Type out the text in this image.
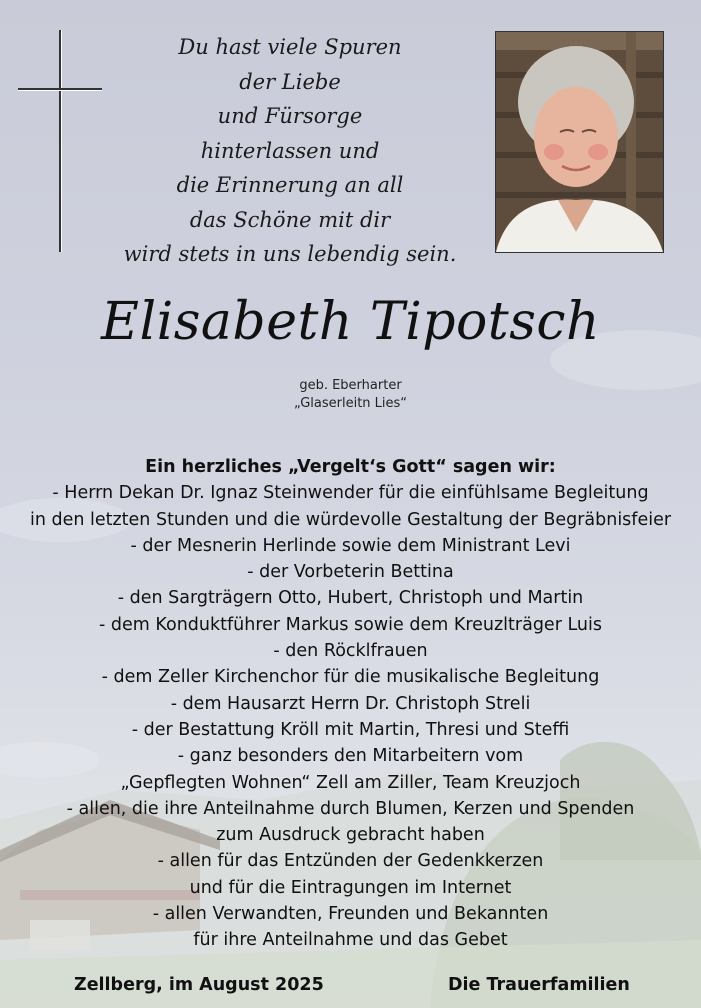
Du hast viele Spuren
der Liebe
und Fürsorge
hinterlassen und
die Erinnerung an all
das Schöne mit dir
wird stets in uns lebendig sein.
Elisabeth Tipotsch
geb. Eberharter
„Glaserleitn Lies“
Ein herzliches „Vergelt‘s Gott“ sagen wir:
- Herrn Dekan Dr. Ignaz Steinwender für die einfühlsame Begleitung
in den letzten Stunden und die würdevolle Gestaltung der Begräbnisfeier
- der Mesnerin Herlinde sowie dem Ministrant Levi
- der Vorbeterin Bettina
- den Sargträgern Otto, Hubert, Christoph und Martin
- dem Konduktführer Markus sowie dem Kreuzlträger Luis
- den Röcklfrauen
- dem Zeller Kirchenchor für die musikalische Begleitung
- dem Hausarzt Herrn Dr. Christoph Streli
- der Bestattung Kröll mit Martin, Thresi und Steffi
- ganz besonders den Mitarbeitern vom
„Gepflegten Wohnen“ Zell am Ziller, Team Kreuzjoch
- allen, die ihre Anteilnahme durch Blumen, Kerzen und Spenden
zum Ausdruck gebracht haben
- allen für das Entzünden der Gedenkkerzen
und für die Eintragungen im Internet
- allen Verwandten, Freunden und Bekannten
für ihre Anteilnahme und das Gebet
Zellberg, im August 2025	Die Trauerfamilien
